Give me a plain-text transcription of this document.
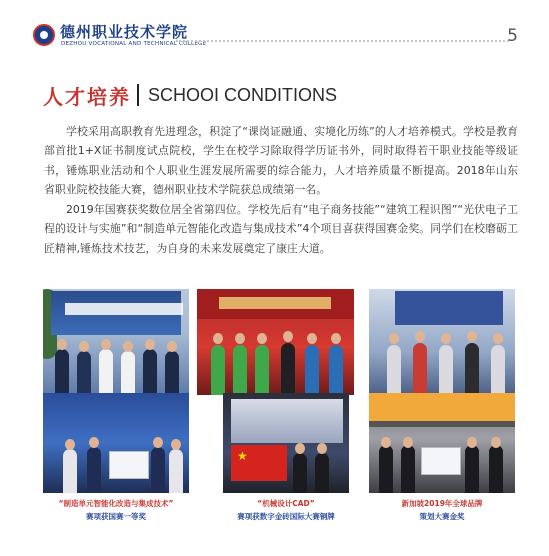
德州职业技术学院
DEZHOU VOCATIONAL AND TECHNICAL COLLEGE	5
人才培养 SCHOOI CONDITIONS

学校采用高职教育先进理念，积淀了“课岗证融通、实境化历练”的人才培养模式。学校是教育部首批1+X证书制度试点院校，学生在校学习除取得学历证书外，同时取得若干职业技能等级证书，锤炼职业活动和个人职业生涯发展所需要的综合能力，人才培养质量不断提高。2018年山东省职业院校技能大赛，德州职业技术学院获总成绩第一名。

2019年国赛获奖数位居全省第四位。学校先后有“电子商务技能”“建筑工程识图”“光伏电子工程的设计与实施”和“制造单元智能化改造与集成技术”4个项目喜获得国赛金奖。同学们在校磨砺工匠精神,锤炼技术技艺，为自身的未来发展奠定了康庄大道。

“制造单元智能化改造与集成技术”
赛项获国赛一等奖
★
“机械设计CAD”
赛项获数字金砖国际大赛铜牌
新加坡2019年全球品牌
策划大赛金奖
